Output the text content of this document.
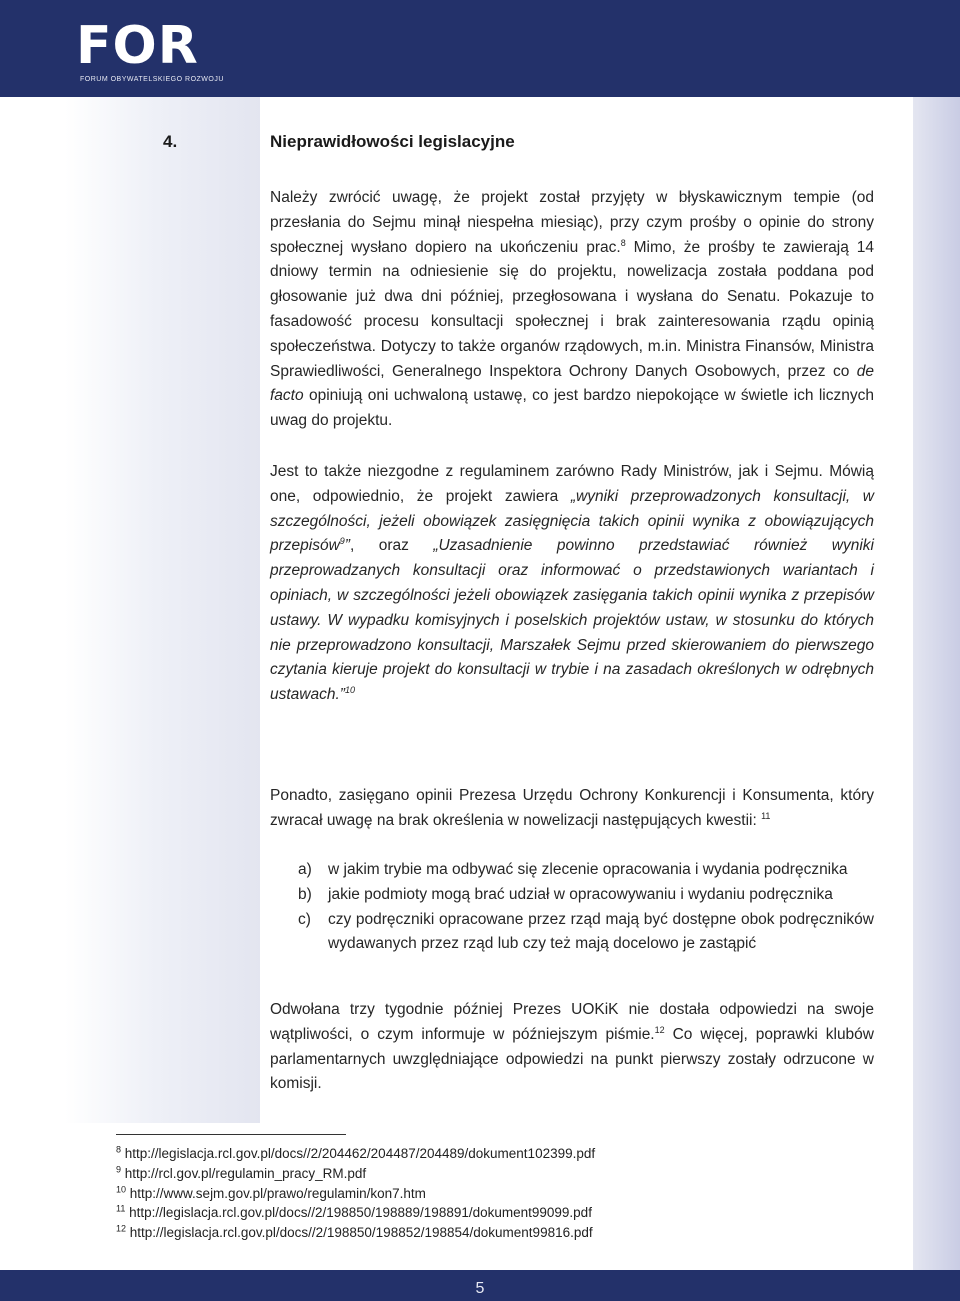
FOR
FORUM OBYWATELSKIEGO ROZWOJU
4.	Nieprawidłowości legislacyjne

Należy zwrócić uwagę, że projekt został przyjęty w błyskawicznym tempie (od przesłania do Sejmu minął niespełna miesiąc), przy czym prośby o opinie do strony społecznej wysłano dopiero na ukończeniu prac.$^8$ Mimo, że prośby te zawierają 14 dniowy termin na odniesienie się do projektu, nowelizacja została poddana pod głosowanie już dwa dni później, przegłosowana i wysłana do Senatu. Pokazuje to fasadowość procesu konsultacji społecznej i brak zainteresowania rządu opinią społeczeństwa. Dotyczy to także organów rządowych, m.in. Ministra Finansów, Ministra Sprawiedliwości, Generalnego Inspektora Ochrony Danych Osobowych, przez co de facto opiniują oni uchwaloną ustawę, co jest bardzo niepokojące w świetle ich licznych uwag do projektu.

Jest to także niezgodne z regulaminem zarówno Rady Ministrów, jak i Sejmu. Mówią one, odpowiednio, że projekt zawiera „wyniki przeprowadzonych konsultacji, w szczególności, jeżeli obowiązek zasięgnięcia takich opinii wynika z obowiązujących przepisów$^9$”, oraz „Uzasadnienie powinno przedstawiać również wyniki przeprowadzanych konsultacji oraz informować o przedstawionych wariantach i opiniach, w szczególności jeżeli obowiązek zasięgania takich opinii wynika z przepisów ustawy. W wypadku komisyjnych i poselskich projektów ustaw, w stosunku do których nie przeprowadzono konsultacji, Marszałek Sejmu przed skierowaniem do pierwszego czytania kieruje projekt do konsultacji w trybie i na zasadach określonych w odrębnych ustawach.”$^{10}$

Ponadto, zasięgano opinii Prezesa Urzędu Ochrony Konkurencji i Konsumenta, który zwracał uwagę na brak określenia w nowelizacji następujących kwestii: $^{11}$

a)	w jakim trybie ma odbywać się zlecenie opracowania i wydania podręcznika
b)	jakie podmioty mogą brać udział w opracowywaniu i wydaniu podręcznika
c)	czy podręczniki opracowane przez rząd mają być dostępne obok podręczników wydawanych przez rząd lub czy też mają docelowo je zastąpić

Odwołana trzy tygodnie później Prezes UOKiK nie dostała odpowiedzi na swoje wątpliwości, o czym informuje w późniejszym piśmie.$^{12}$ Co więcej, poprawki klubów parlamentarnych uwzględniające odpowiedzi na punkt pierwszy zostały odrzucone w komisji.

$^8$ http://legislacja.rcl.gov.pl/docs//2/204462/204487/204489/dokument102399.pdf
$^9$ http://rcl.gov.pl/regulamin_pracy_RM.pdf
$^{10}$ http://www.sejm.gov.pl/prawo/regulamin/kon7.htm
$^{11}$ http://legislacja.rcl.gov.pl/docs//2/198850/198889/198891/dokument99099.pdf
$^{12}$ http://legislacja.rcl.gov.pl/docs//2/198850/198852/198854/dokument99816.pdf
5
